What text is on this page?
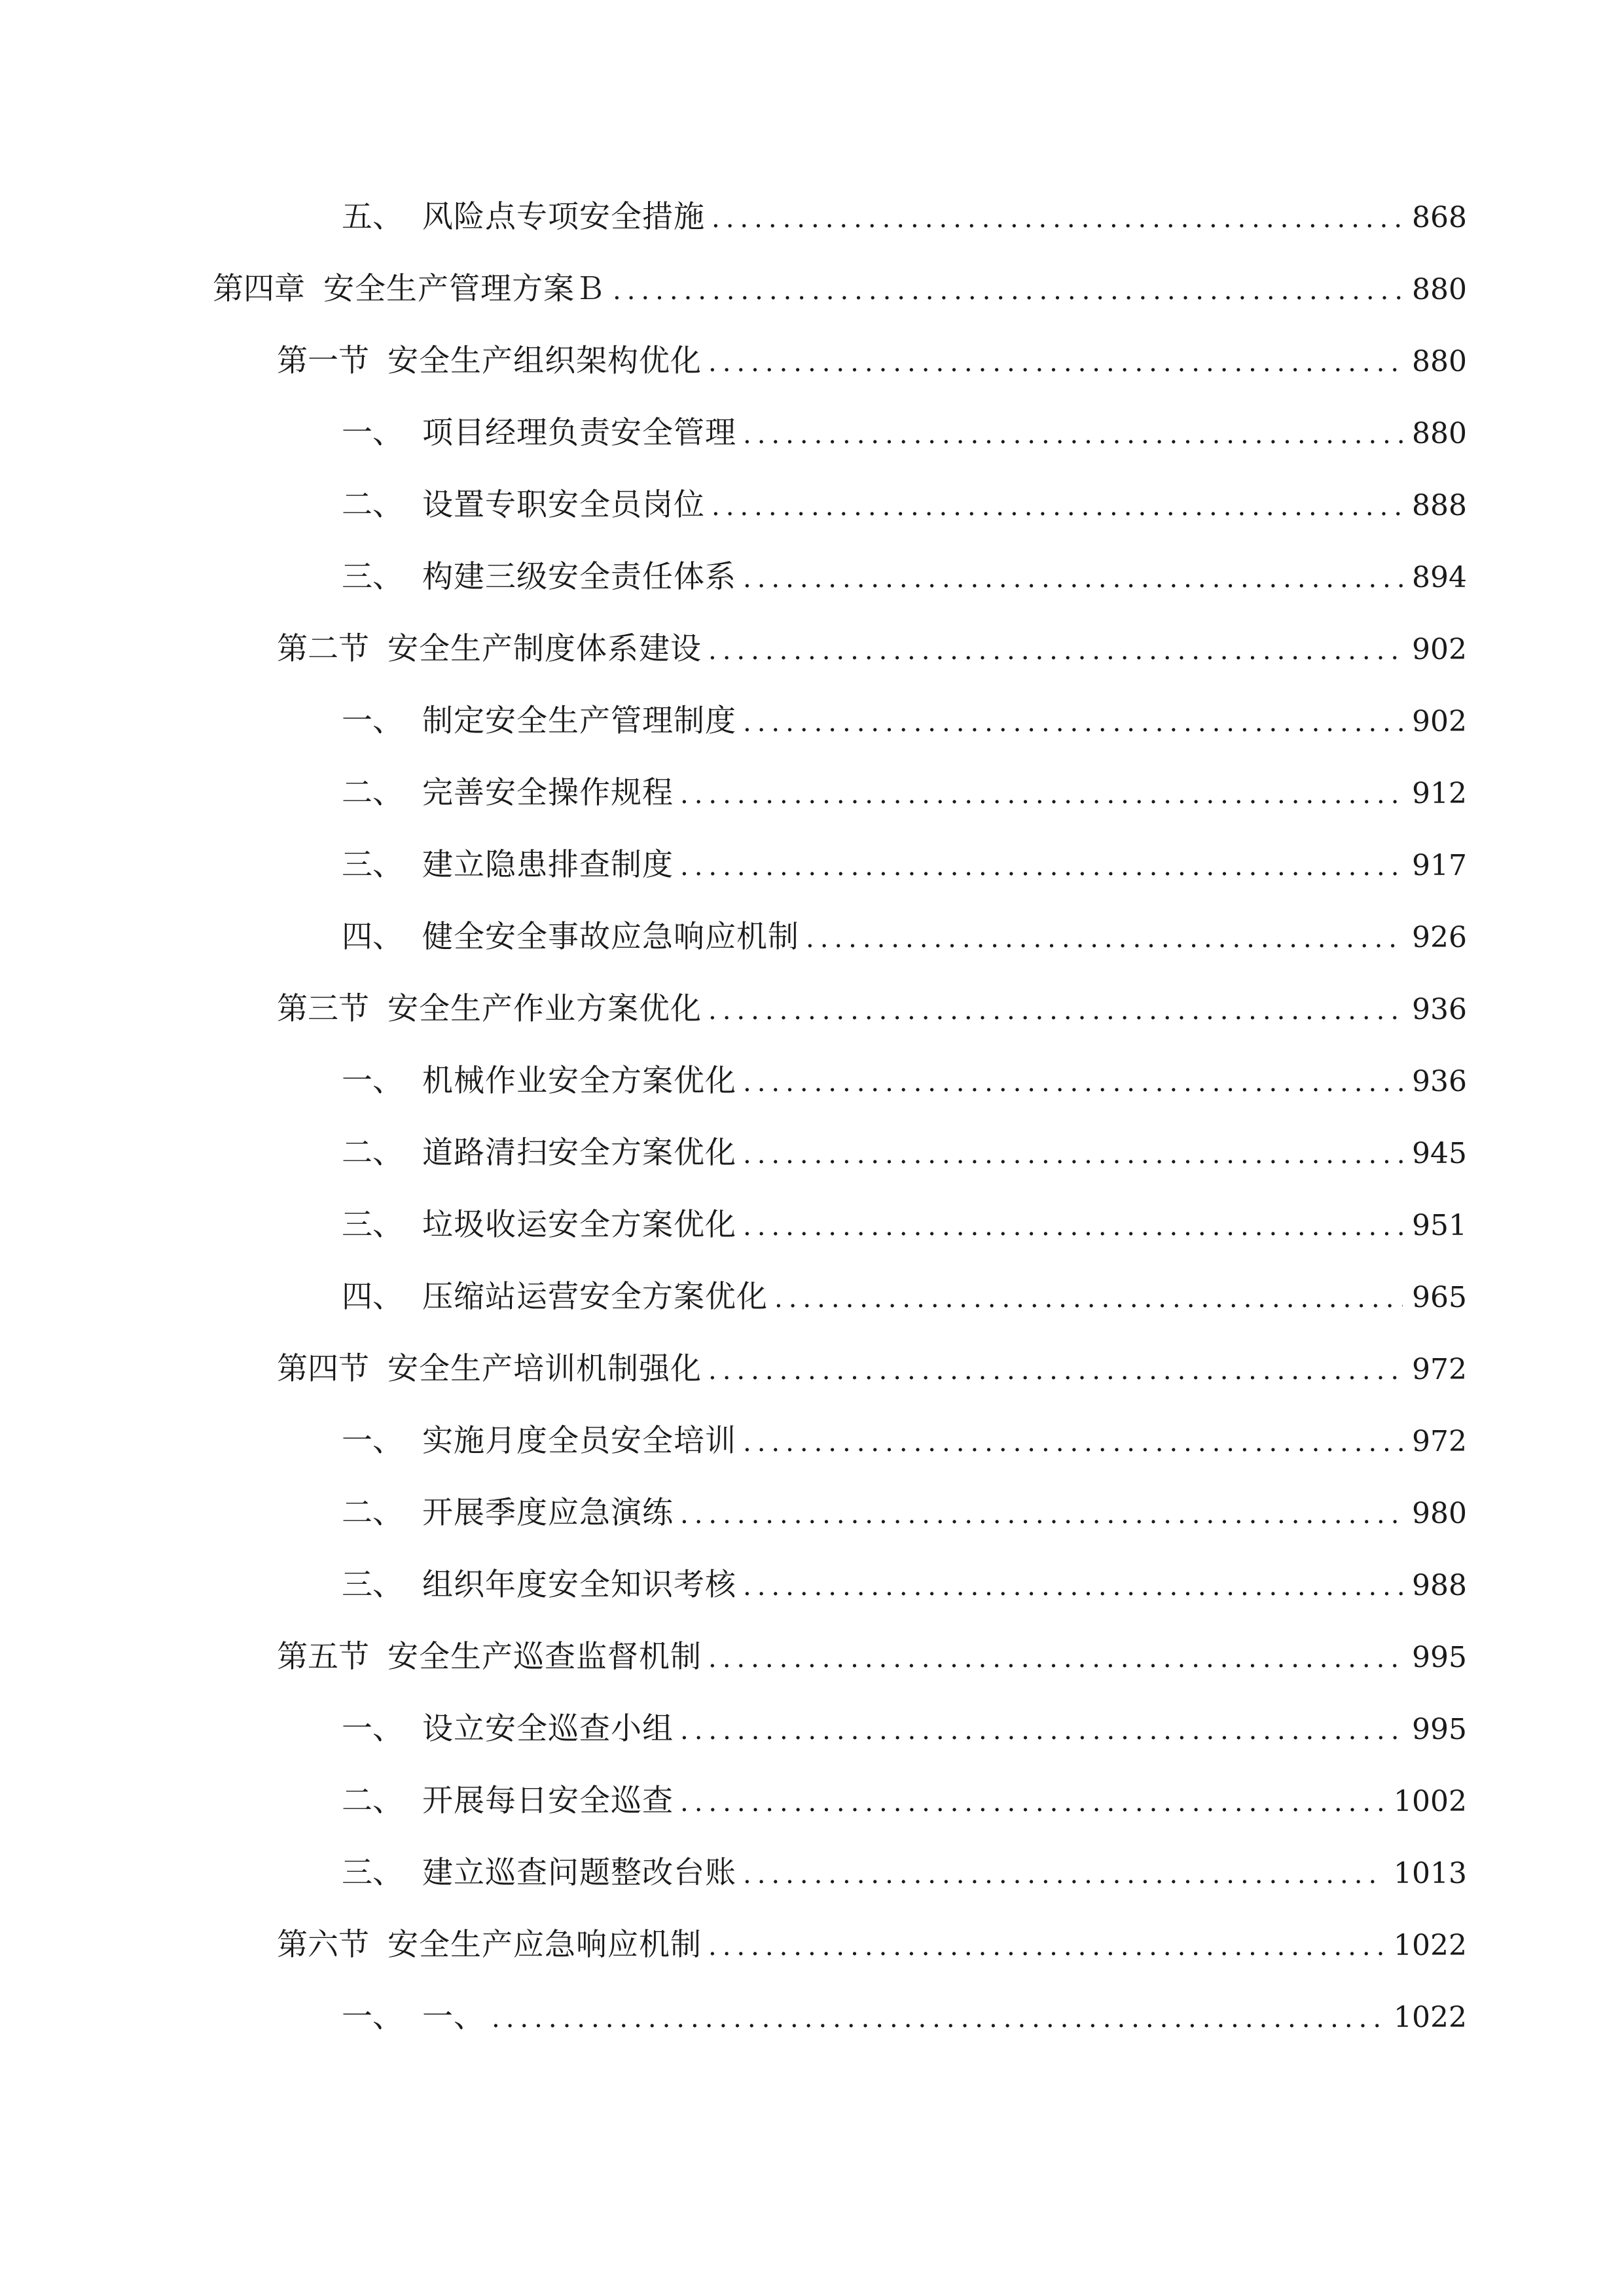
五、 风险点专项安全措施 .....	868
第四章 安全生产管理方案Ｂ .....	880
第一节 安全生产组织架构优化 .....	880
一、 项目经理负责安全管理 .....	880
二、 设置专职安全员岗位 .....	888
三、 构建三级安全责任体系 .....	894
第二节 安全生产制度体系建设 .....	902
一、 制定安全生产管理制度 .....	902
二、 完善安全操作规程 .....	912
三、 建立隐患排查制度 .....	917
四、 健全安全事故应急响应机制 .....	926
第三节 安全生产作业方案优化 .....	936
一、 机械作业安全方案优化 .....	936
二、 道路清扫安全方案优化 .....	945
三、 垃圾收运安全方案优化 .....	951
四、 压缩站运营安全方案优化 .....	965
第四节 安全生产培训机制强化 .....	972
一、 实施月度全员安全培训 .....	972
二、 开展季度应急演练 .....	980
三、 组织年度安全知识考核 .....	988
第五节 安全生产巡查监督机制 .....	995
一、 设立安全巡查小组 .....	995
二、 开展每日安全巡查 .....	1002
三、 建立巡查问题整改台账 .....	1013
第六节 安全生产应急响应机制 .....	1022
一、 一、 .....	1022
